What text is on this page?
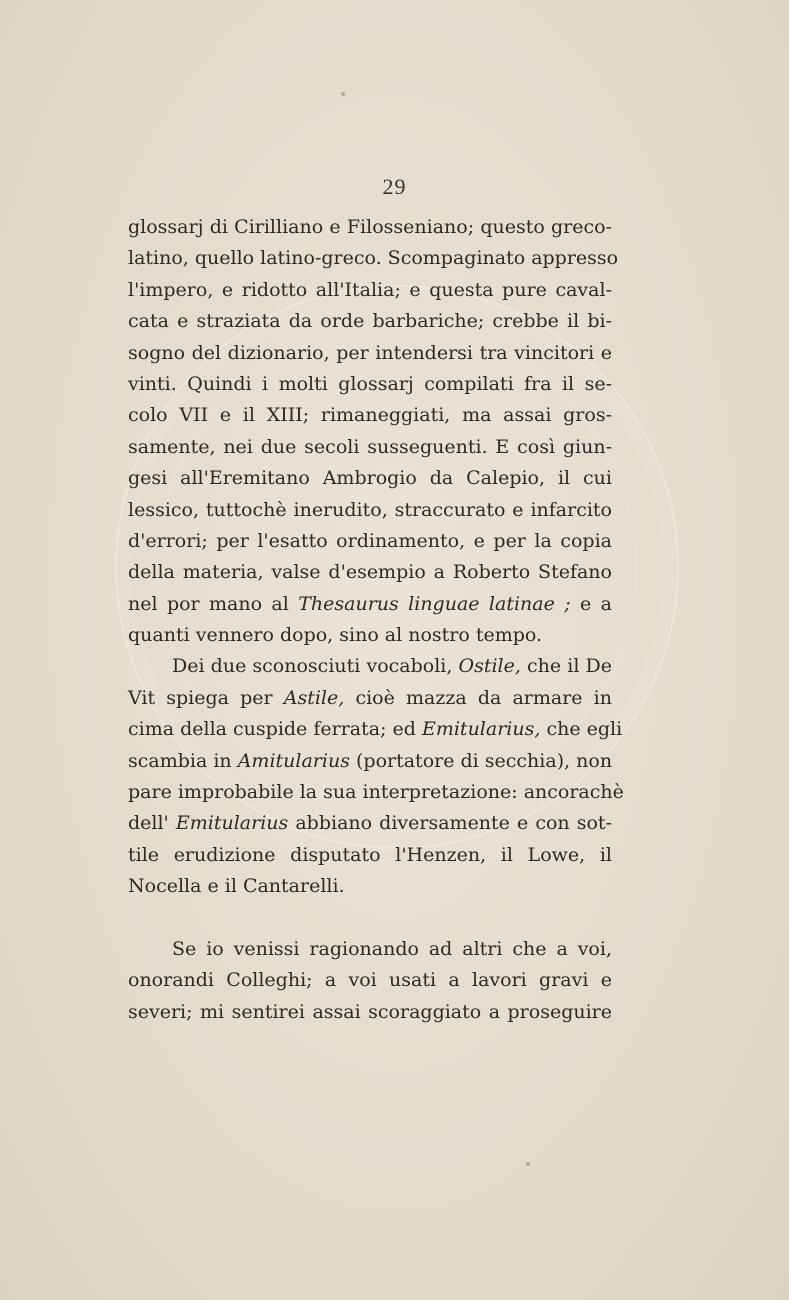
29
glossarj di Cirilliano e Filosseniano; questo greco-
latino, quello latino-greco. Scompaginato appresso
l'impero, e ridotto all'Italia; e questa pure caval-
cata e straziata da orde barbariche; crebbe il bi-
sogno del dizionario, per intendersi tra vincitori e
vinti. Quindi i molti glossarj compilati fra il se-
colo VII e il XIII; rimaneggiati, ma assai gros-
samente, nei due secoli susseguenti. E così giun-
gesi all'Eremitano Ambrogio da Calepio, il cui
lessico, tuttochè inerudito, straccurato e infarcito
d'errori; per l'esatto ordinamento, e per la copia
della materia, valse d'esempio a Roberto Stefano
nel por mano al Thesaurus linguae latinae ; e a
quanti vennero dopo, sino al nostro tempo.
Dei due sconosciuti vocaboli, Ostile, che il De
Vit spiega per Astile, cioè mazza da armare in
cima della cuspide ferrata; ed Emitularius, che egli
scambia in Amitularius (portatore di secchia), non
pare improbabile la sua interpretazione: ancorachè
dell' Emitularius abbiano diversamente e con sot-
tile erudizione disputato l'Henzen, il Lowe, il
Nocella e il Cantarelli.
Se io venissi ragionando ad altri che a voi,
onorandi Colleghi; a voi usati a lavori gravi e
severi; mi sentirei assai scoraggiato a proseguire
